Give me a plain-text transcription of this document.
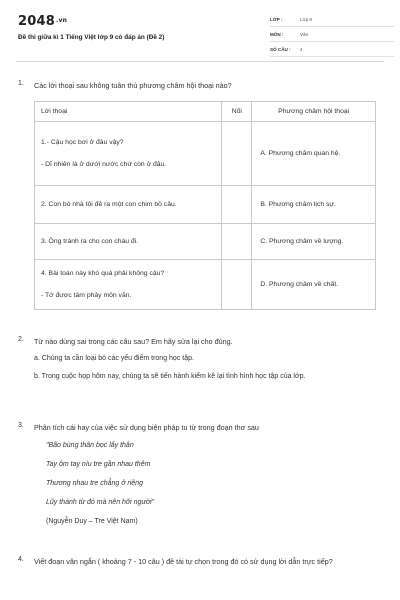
$2048^{.vn}$
Đề thi giữa kì 1 Tiếng Việt lớp 9 có đáp án (Đề 2)
LỚP :	Lớp 9
MÔN :	Văn
SỐ CÂU :	4
1.	Các lời thoại sau không tuân thủ phương châm hội thoại nào?
Lời thoại	Nối	Phương châm hội thoại

1.- Cậu học bơi ở đâu vậy?

- Dĩ nhiên là ở dưới nước chứ còn ở đâu.		A. Phương châm quan hệ.

2. Con bò nhà tôi đẻ ra một con chim bồ câu.		B. Phương châm lịch sự.

3. Ông tránh ra cho con cháu đi.		C. Phương châm về lượng.

4. Bài toán này khó quá phải không cậu?

- Tớ được tám phảy môn văn.		D. Phương châm về chất.
2.	Từ nào dùng sai trong các câu sau? Em hãy sửa lại cho đúng.

a. Chúng ta cần loại bỏ các yếu điểm trong học tập.

b. Trong cuộc họp hôm nay, chúng ta sẽ tiến hành kiểm kê lại tình hình học tập của lớp.

3.	Phân tích cái hay của việc sử dụng biện pháp tu từ trong đoạn thơ sau

"Bão bùng thân bọc lấy thân

Tay ôm tay níu tre gần nhau thêm

Thương nhau tre chẳng ở riêng

Lũy thành từ đó mà nên hỡi người"

(Nguyễn Duy – Tre Việt Nam)

4.	Viết đoạn văn ngắn ( khoảng 7 - 10 câu ) đề tài tự chọn trong đó có sử dụng lời dẫn trực tiếp?
